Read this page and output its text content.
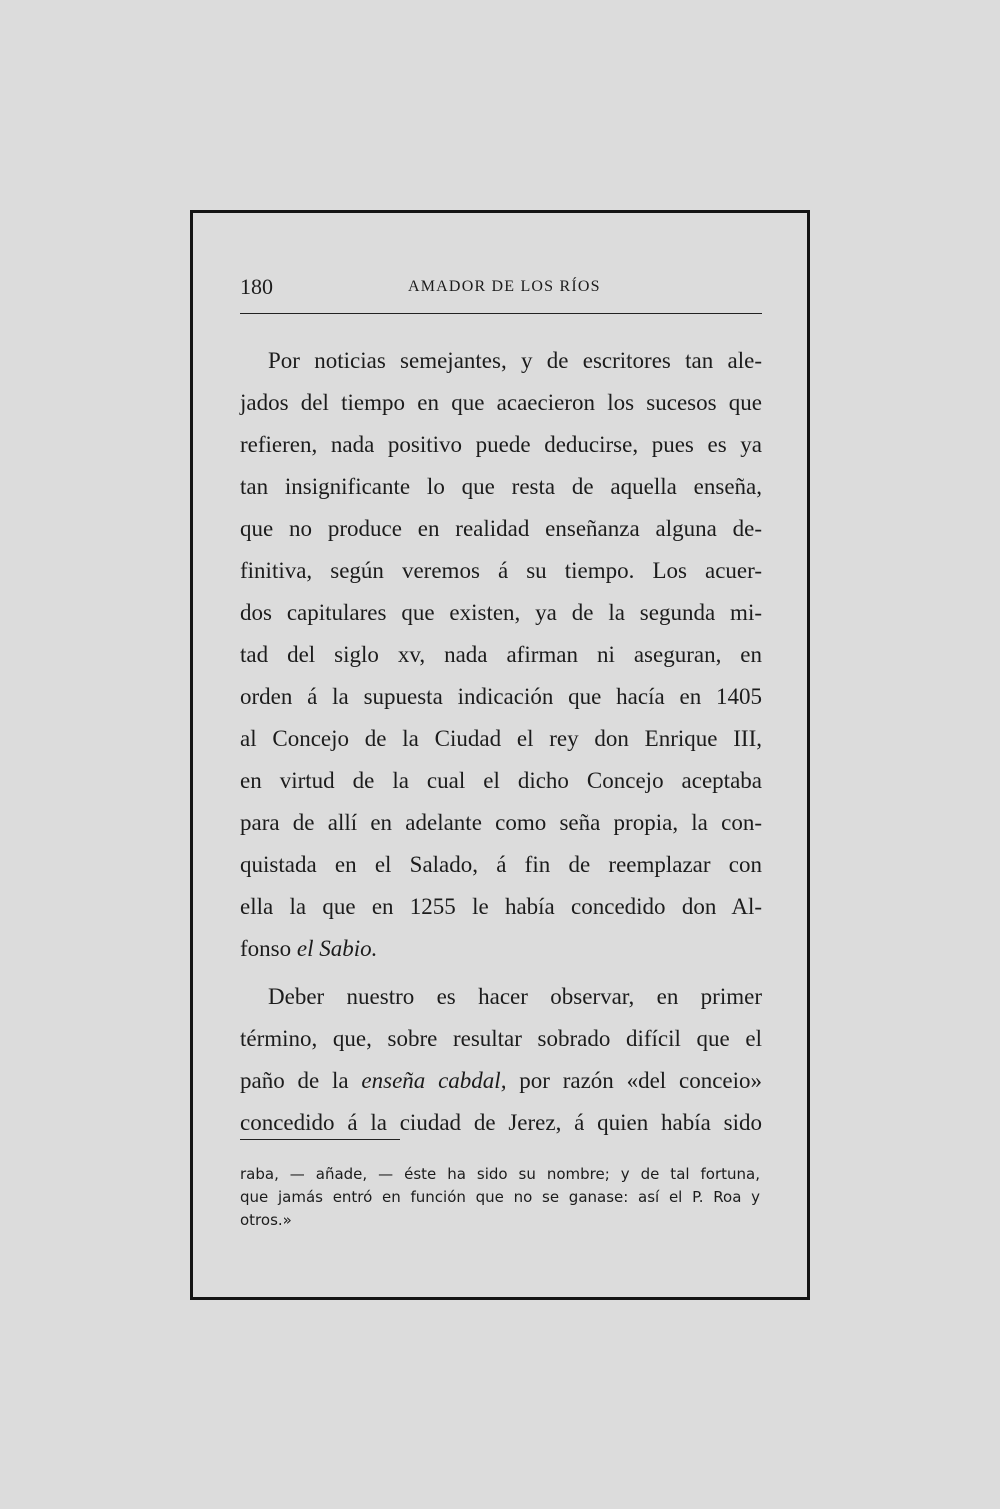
180	AMADOR DE LOS RÍOS
Por noticias semejantes, y de escritores tan ale-
jados del tiempo en que acaecieron los sucesos que
refieren, nada positivo puede deducirse, pues es ya
tan insignificante lo que resta de aquella enseña,
que no produce en realidad enseñanza alguna de-
finitiva, según veremos á su tiempo. Los acuer-
dos capitulares que existen, ya de la segunda mi-
tad del siglo xv, nada afirman ni aseguran, en
orden á la supuesta indicación que hacía en 1405
al Concejo de la Ciudad el rey don Enrique III,
en virtud de la cual el dicho Concejo aceptaba
para de allí en adelante como seña propia, la con-
quistada en el Salado, á fin de reemplazar con
ella la que en 1255 le había concedido don Al-
fonso el Sabio.
Deber nuestro es hacer observar, en primer
término, que, sobre resultar sobrado difícil que el
paño de la enseña cabdal, por razón «del conceio»
concedido á la ciudad de Jerez, á quien había sido
raba, — añade, — éste ha sido su nombre; y de tal fortuna,
que jamás entró en función que no se ganase: así el P. Roa y
otros.»
